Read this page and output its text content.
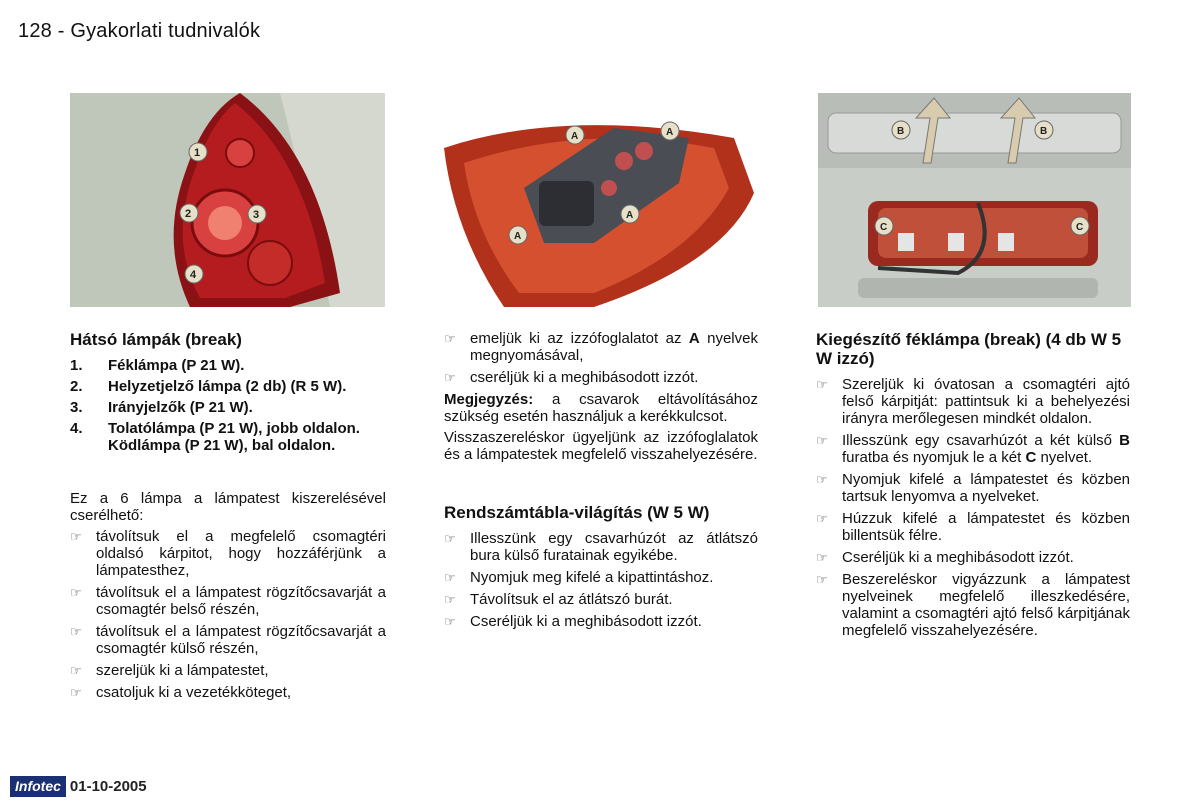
128 - Gyakorlati tudnivalók
1
2	3
4
A	A
A
A
B	B
C	C
Hátsó lámpák (break)
1.	Féklámpa (P 21 W).
2.	Helyzetjelző lámpa (2 db) (R 5 W).
3.	Irányjelzők (P 21 W).
4.	Tolatólámpa (P 21 W), jobb oldalon.
Ködlámpa (P 21 W), bal oldalon.
Ez a 6 lámpa a lámpatest kiszerelésével cserélhető:
☞ távolítsuk el a megfelelő csomagtéri oldalsó kárpitot, hogy hozzáférjünk a lámpatesthez,
☞ távolítsuk el a lámpatest rögzítőcsavarját a csomagtér belső részén,
☞ távolítsuk el a lámpatest rögzítőcsavarját a csomagtér külső részén,
☞ szereljük ki a lámpatestet,
☞ csatoljuk ki a vezetékköteget,
☞ emeljük ki az izzófoglalatot az A nyelvek megnyomásával,
☞ cseréljük ki a meghibásodott izzót.
Megjegyzés: a csavarok eltávolításához szükség esetén használjuk a kerékkulcsot.
Visszaszereléskor ügyeljünk az izzófoglalatok és a lámpatestek megfelelő visszahelyezésére.
Rendszámtábla-világítás (W 5 W)
☞ Illesszünk egy csavarhúzót az átlátszó bura külső furatainak egyikébe.
☞ Nyomjuk meg kifelé a kipattintáshoz.
☞ Távolítsuk el az átlátszó burát.
☞ Cseréljük ki a meghibásodott izzót.
Kiegészítő féklámpa (break) (4 db W 5 W izzó)
☞ Szereljük ki óvatosan a csomagtéri ajtó felső kárpitját: pattintsuk ki a behelyezési irányra merőlegesen mindkét oldalon.
☞ Illesszünk egy csavarhúzót a két külső B furatba és nyomjuk le a két C nyelvet.
☞ Nyomjuk kifelé a lámpatestet és közben tartsuk lenyomva a nyelveket.
☞ Húzzuk kifelé a lámpatestet és közben billentsük félre.
☞ Cseréljük ki a meghibásodott izzót.
☞ Beszereléskor vigyázzunk a lámpatest nyelveinek megfelelő illeszkedésére, valamint a csomagtéri ajtó felső kárpitjának megfelelő visszahelyezésére.
Infotec 01-10-2005
